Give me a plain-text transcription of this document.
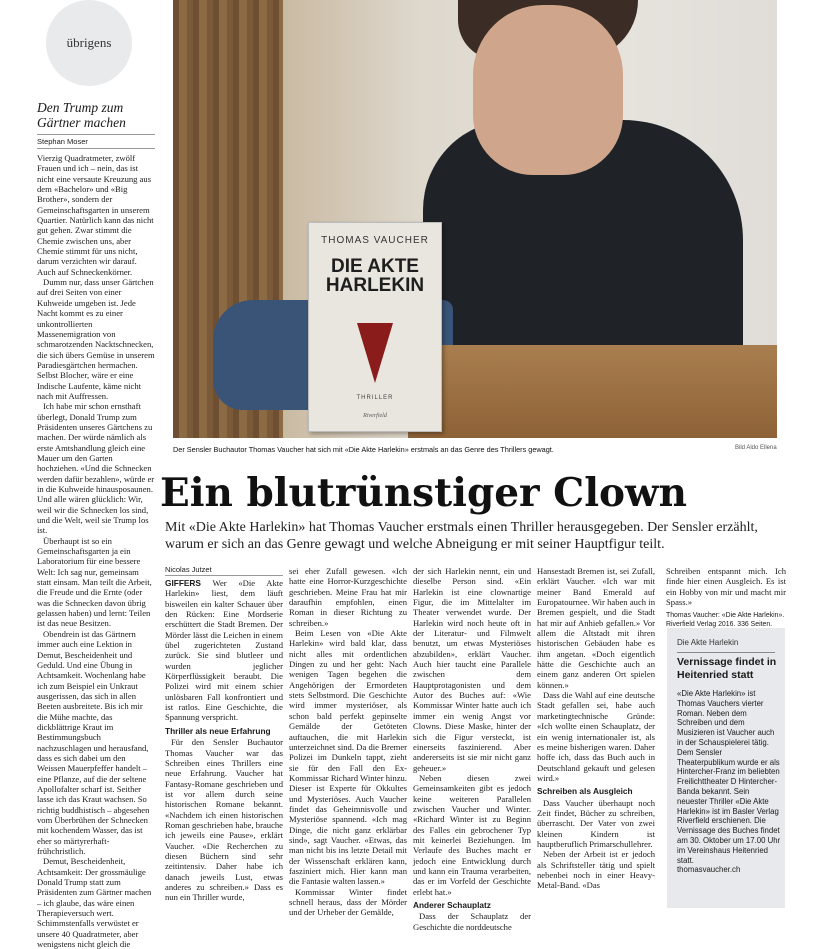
übrigens
Den Trump zum Gärtner machen
Stephan Moser

Vierzig Quadratmeter, zwölf Frauen und ich – nein, das ist nicht eine versaute Kreuzung aus dem «Bachelor» und «Big Brother», sondern der Gemeinschaftsgarten in unserem Quartier. Natürlich kann das nicht gut gehen. Zwar stimmt die Chemie zwischen uns, aber Chemie stimmt für uns nicht, darum verzichten wir darauf. Auch auf Schneckenkörner.

Dumm nur, dass unser Gärtchen auf drei Seiten von einer Kuhweide umgeben ist. Jede Nacht kommt es zu einer unkontrollierten Massenemigration von schmarotzenden Nacktschnecken, die sich übers Gemüse in unserem Paradiesgärtchen hermachen. Selbst Blocher, wäre er eine Indische Laufente, käme nicht nach mit Auffressen.

Ich habe mir schon ernsthaft überlegt, Donald Trump zum Präsidenten unseres Gärtchens zu machen. Der würde nämlich als erste Amtshandlung gleich eine Mauer um den Garten hochziehen. «Und die Schnecken werden dafür bezahlen», würde er in die Kuhweide hinausposaunen. Und alle wären glücklich: Wir, weil wir die Schnecken los sind, und die Welt, weil sie Trump los ist.

Überhaupt ist so ein Gemeinschaftsgarten ja ein Laboratorium für eine bessere Welt: Ich sag nur, gemeinsam statt einsam. Man teilt die Arbeit, die Freude und die Ernte (oder was die Schnecken davon übrig gelassen haben) und lernt: Teilen ist das neue Besitzen.

Obendrein ist das Gärtnern immer auch eine Lektion in Demut, Bescheidenheit und Geduld. Und eine Übung in Achtsamkeit. Wochenlang habe ich zum Beispiel ein Unkraut ausgerissen, das sich in allen Beeten ausbreitete. Bis ich mir die Mühe machte, das dickblättrige Kraut im Bestimmungsbuch nachzuschlagen und herausfand, dass es sich dabei um den Weissen Mauerpfeffer handelt – eine Pflanze, auf die der seltene Apollofalter scharf ist. Seither lasse ich das Kraut wachsen. So richtig buddhistisch – abgesehen vom Überbrühen der Schnecken mit kochendem Wasser, das ist eher so märtyrerhaft-frühchristlich.

Demut, Bescheidenheit, Achtsamkeit: Der grossmäulige Donald Trump statt zum Präsidenten zum Gärtner machen – ich glaube, das wäre einen Therapieversuch wert. Schimmstenfalls verwüstet er unsere 40 Quadratmeter, aber wenigstens nicht gleich die

THOMAS VAUCHER
DIE AKTE
HARLEKIN
THRILLER
Riverfield
Der Sensler Buchautor Thomas Vaucher hat sich mit «Die Akte Harlekin» erstmals an das Genre des Thrillers gewagt.	Bild Aldo Ellena
Ein blutrünstiger Clown
Mit «Die Akte Harlekin» hat Thomas Vaucher erstmals einen Thriller herausgegeben. Der Sensler erzählt, warum er sich an das Genre gewagt und welche Abneigung er mit seiner Hauptfigur teilt.
Nicolas Jutzet

GIFFERS Wer «Die Akte Harlekin» liest, dem läuft bisweilen ein kalter Schauer über den Rücken: Eine Mordserie erschüttert die Stadt Bremen. Der Mörder lässt die Leichen in einem übel zugerichteten Zustand zurück. Sie sind blutleer und wurden jeglicher Körperflüssigkeit beraubt. Die Polizei wird mit einem schier unlösbaren Fall konfrontiert und ist ratlos. Eine Geschichte, die Spannung verspricht.

Thriller als neue Erfahrung

Für den Sensler Buchautor Thomas Vaucher war das Schreiben eines Thrillers eine neue Erfahrung. Vaucher hat Fantasy-Romane geschrieben und ist vor allem durch seine historischen Romane bekannt. «Nachdem ich einen historischen Roman geschrieben habe, brauche ich jeweils eine Pause», erklärt Vaucher. «Die Recherchen zu diesen Büchern sind sehr zeitintensiv. Daher habe ich danach jeweils Lust, etwas anderes zu schreiben.» Dass es nun ein Thriller wurde,

sei eher Zufall gewesen. «Ich hatte eine Horror-Kurzgeschichte geschrieben. Meine Frau hat mir daraufhin empfohlen, einen Roman in dieser Richtung zu schreiben.»

Beim Lesen von «Die Akte Harlekin» wird bald klar, dass nicht alles mit ordentlichen Dingen zu und her geht: Nach wenigen Tagen begehen die Angehörigen der Ermordeten stets Selbstmord. Die Geschichte wird immer mysteriöser, als schon bald perfekt gepinselte Gemälde der Getöteten auftauchen, die mit Harlekin unterzeichnet sind. Da die Bremer Polizei im Dunkeln tappt, zieht sie für den Fall den Ex-Kommissar Richard Winter hinzu. Dieser ist Experte für Okkultes und Mysteriöses. Auch Vaucher findet das Geheimnisvolle und Mysteriöse spannend. «Ich mag Dinge, die nicht ganz erklärbar sind», sagt Vaucher. «Etwas, das man nicht bis ins letzte Detail mit der Wissenschaft erklären kann, fasziniert mich. Hier kann man die Fantasie walten lassen.»

Kommissar Winter findet schnell heraus, dass der Mörder und der Urheber der Gemälde,

der sich Harlekin nennt, ein und dieselbe Person sind. «Ein Harlekin ist eine clownartige Figur, die im Mittelalter im Theater verwendet wurde. Der Harlekin wird noch heute oft in der Literatur- und Filmwelt benutzt, um etwas Mysteriöses abzubilden», erklärt Vaucher. Auch hier taucht eine Parallele zwischen dem Hauptprotagonisten und dem Autor des Buches auf: «Wie Kommissar Winter hatte auch ich immer ein wenig Angst vor Clowns. Diese Maske, hinter der sich die Figur versteckt, ist einerseits faszinierend. Aber andererseits ist sie mir nicht ganz geheuer.»

Neben diesen zwei Gemeinsamkeiten gibt es jedoch keine weiteren Parallelen zwischen Vaucher und Winter. «Richard Winter ist zu Beginn des Falles ein gebrochener Typ mit keinerlei Beziehungen. Im Verlaufe des Buches macht er jedoch eine Entwicklung durch und kann ein Trauma verarbeiten, das er im Vorfeld der Geschichte erlebt hat.»

Anderer Schauplatz

Dass der Schauplatz der Geschichte die norddeutsche

Hansestadt Bremen ist, sei Zufall, erklärt Vaucher. «Ich war mit meiner Band Emerald auf Europatournee. Wir haben auch in Bremen gespielt, und die Stadt hat mir auf Anhieb gefallen.» Vor allem die Altstadt mit ihren historischen Gebäuden habe es ihm angetan. «Doch eigentlich hätte die Geschichte auch an einem ganz anderen Ort spielen können.»

Dass die Wahl auf eine deutsche Stadt gefallen sei, habe auch marketingtechnische Gründe: «Ich wollte einen Schauplatz, der ein wenig internationaler ist, als es meine bisherigen waren. Daher hoffe ich, dass das Buch auch in Deutschland gekauft und gelesen wird.»

Schreiben als Ausgleich

Dass Vaucher überhaupt noch Zeit findet, Bücher zu schreiben, überrascht. Der Vater von zwei kleinen Kindern ist hauptberuflich Primarschullehrer.

Neben der Arbeit ist er jedoch als Schriftsteller tätig und spielt nebenbei noch in einer Heavy-Metal-Band. «Das

Schreiben entspannt mich. Ich finde hier einen Ausgleich. Es ist ein Hobby von mir und macht mir Spass.»

Thomas Vaucher: «Die Akte Harlekin». Riverfield Verlag 2016. 336 Seiten.
Die Akte Harlekin
Vernissage findet in Heitenried statt
«Die Akte Harlekin» ist Thomas Vauchers vierter Roman. Neben dem Schreiben und dem Musizieren ist Vaucher auch in der Schauspielerei tätig. Dem Sensler Theaterpublikum wurde er als Hintercher-Franz im beliebten Freilichttheater D Hintercher-Banda bekannt. Sein neuester Thriller «Die Akte Harlekin» ist im Basler Verlag Riverfield erschienen. Die Vernissage des Buches findet am 30. Oktober um 17.00 Uhr im Vereinshaus Heitenried statt.
thomasvaucher.ch
